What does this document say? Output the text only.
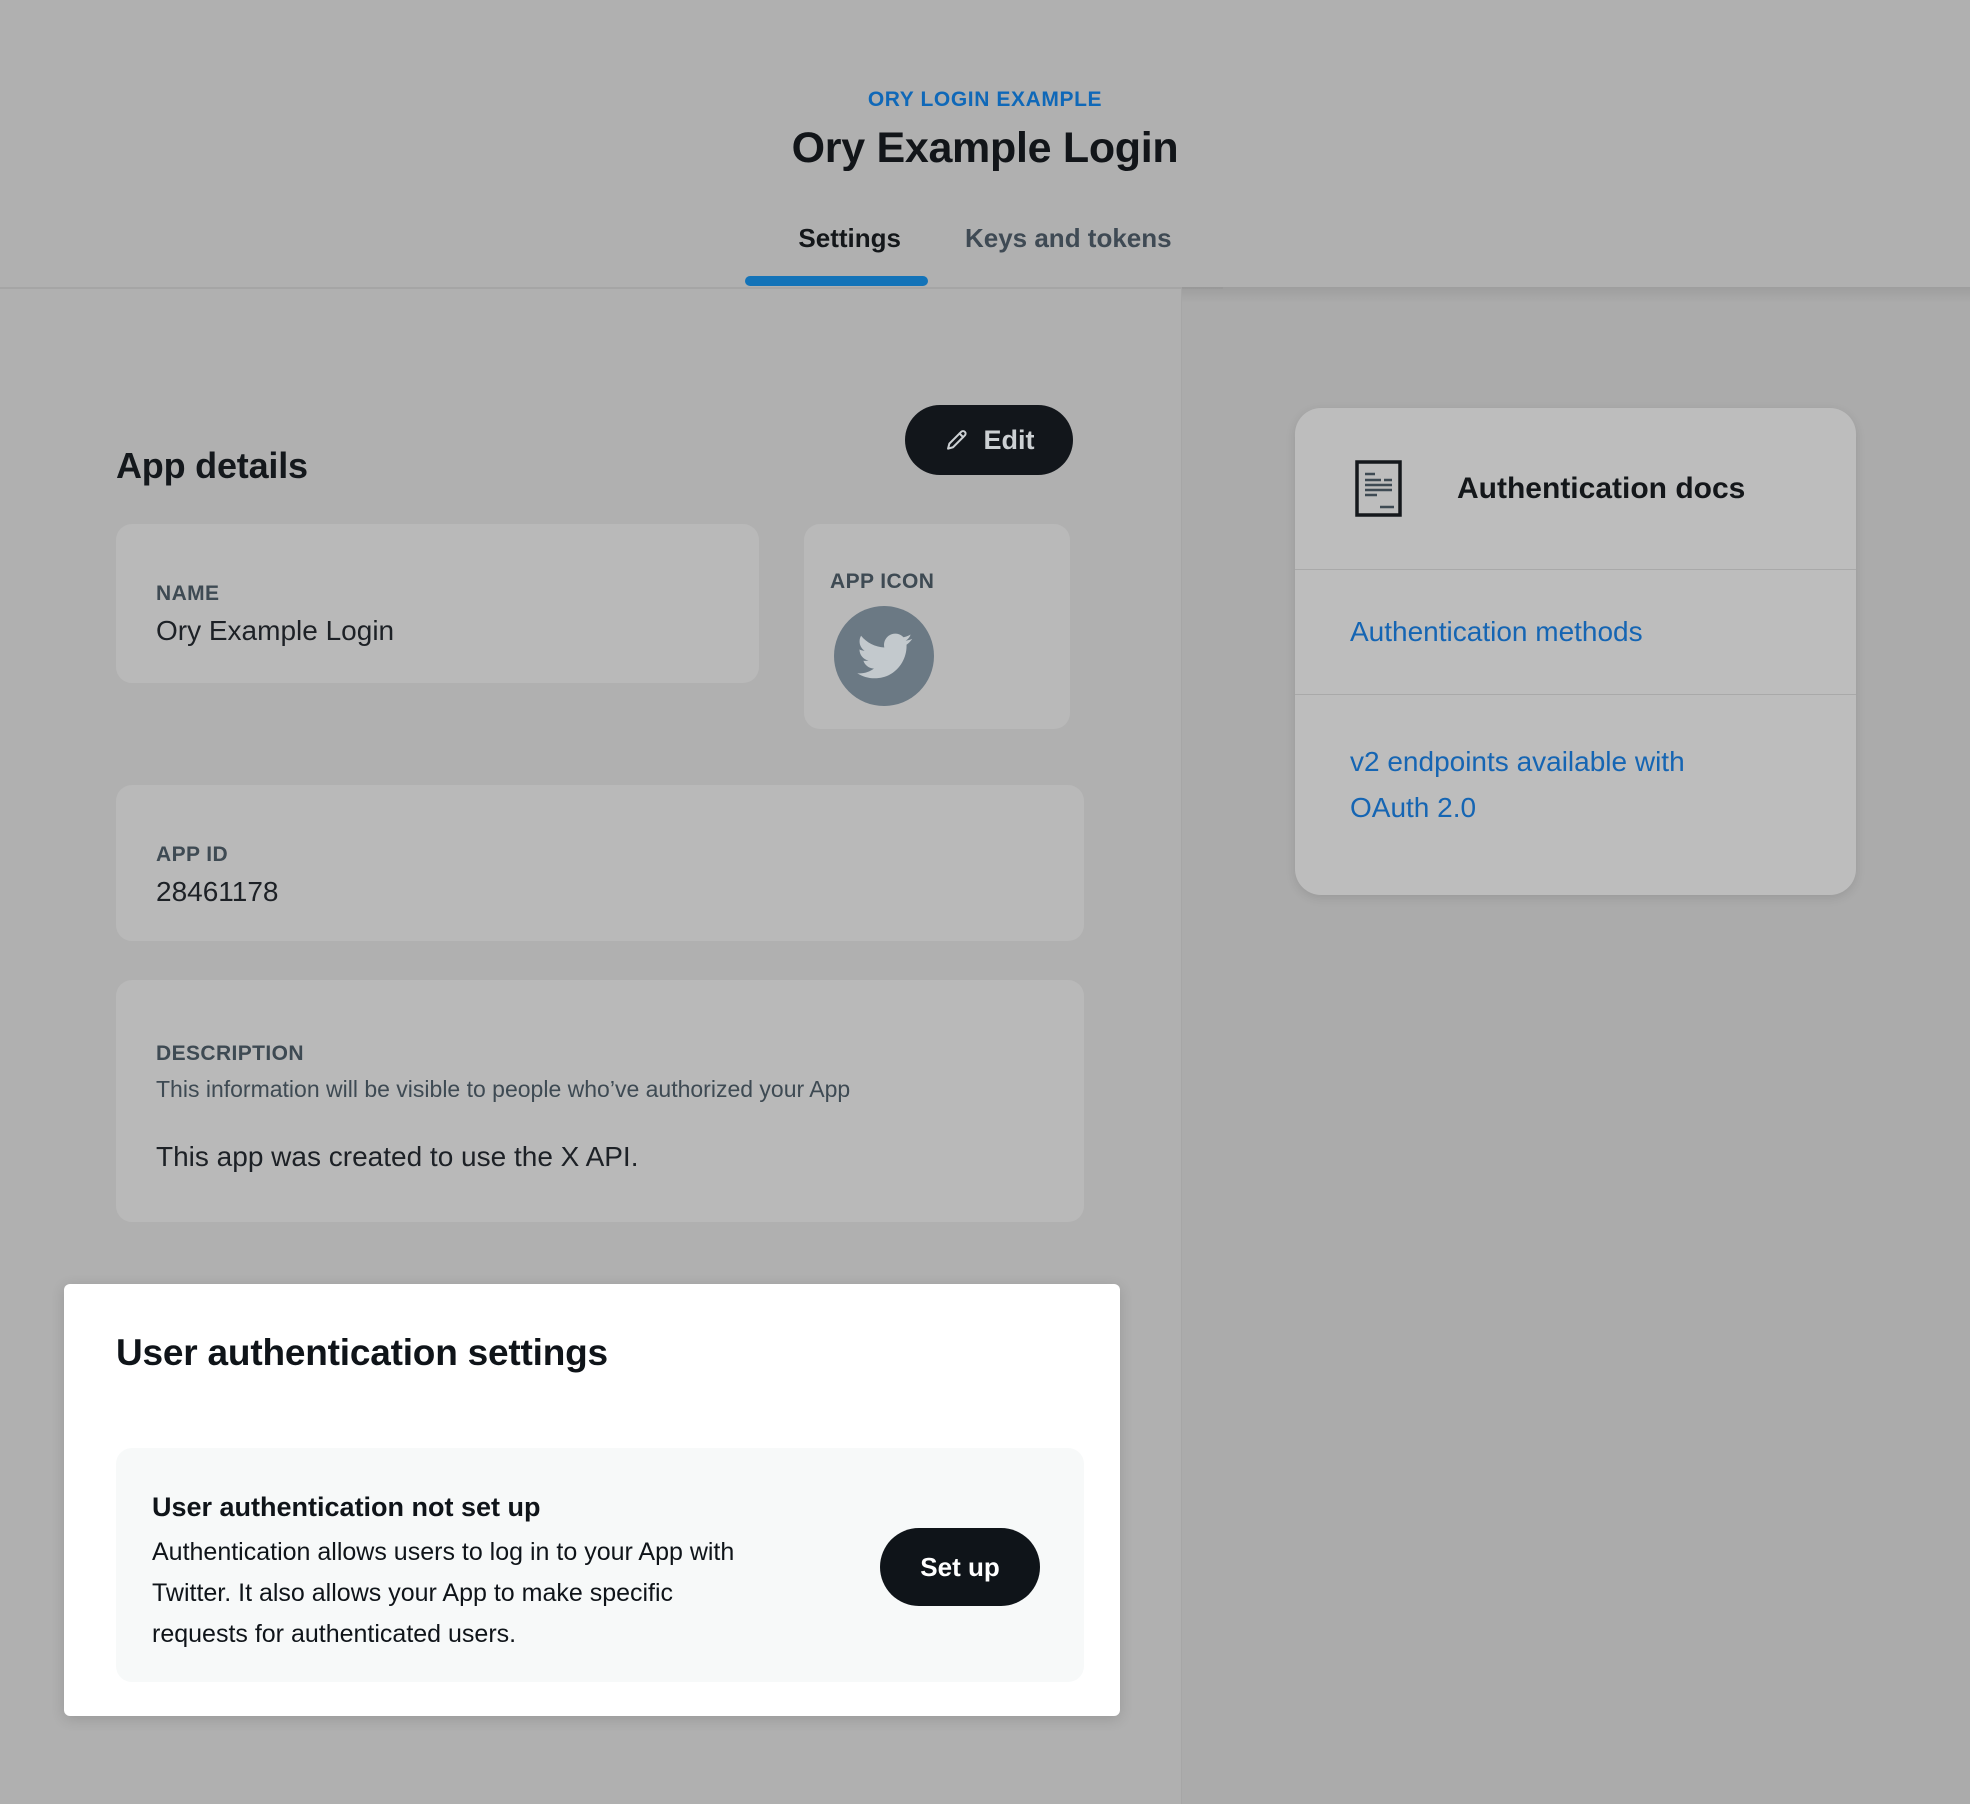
ORY LOGIN EXAMPLE
Ory Example Login
Settings Keys and tokens
App details
Edit
NAME
Ory Example Login
APP ICON
APP ID
28461178
DESCRIPTION
This information will be visible to people who’ve authorized your App
This app was created to use the X API.
User authentication settings
User authentication not set up
Authentication allows users to log in to your App with Twitter. It also allows your App to make specific requests for authenticated users.
Set up
Authentication docs
Authentication methods
v2 endpoints available with OAuth 2.0
